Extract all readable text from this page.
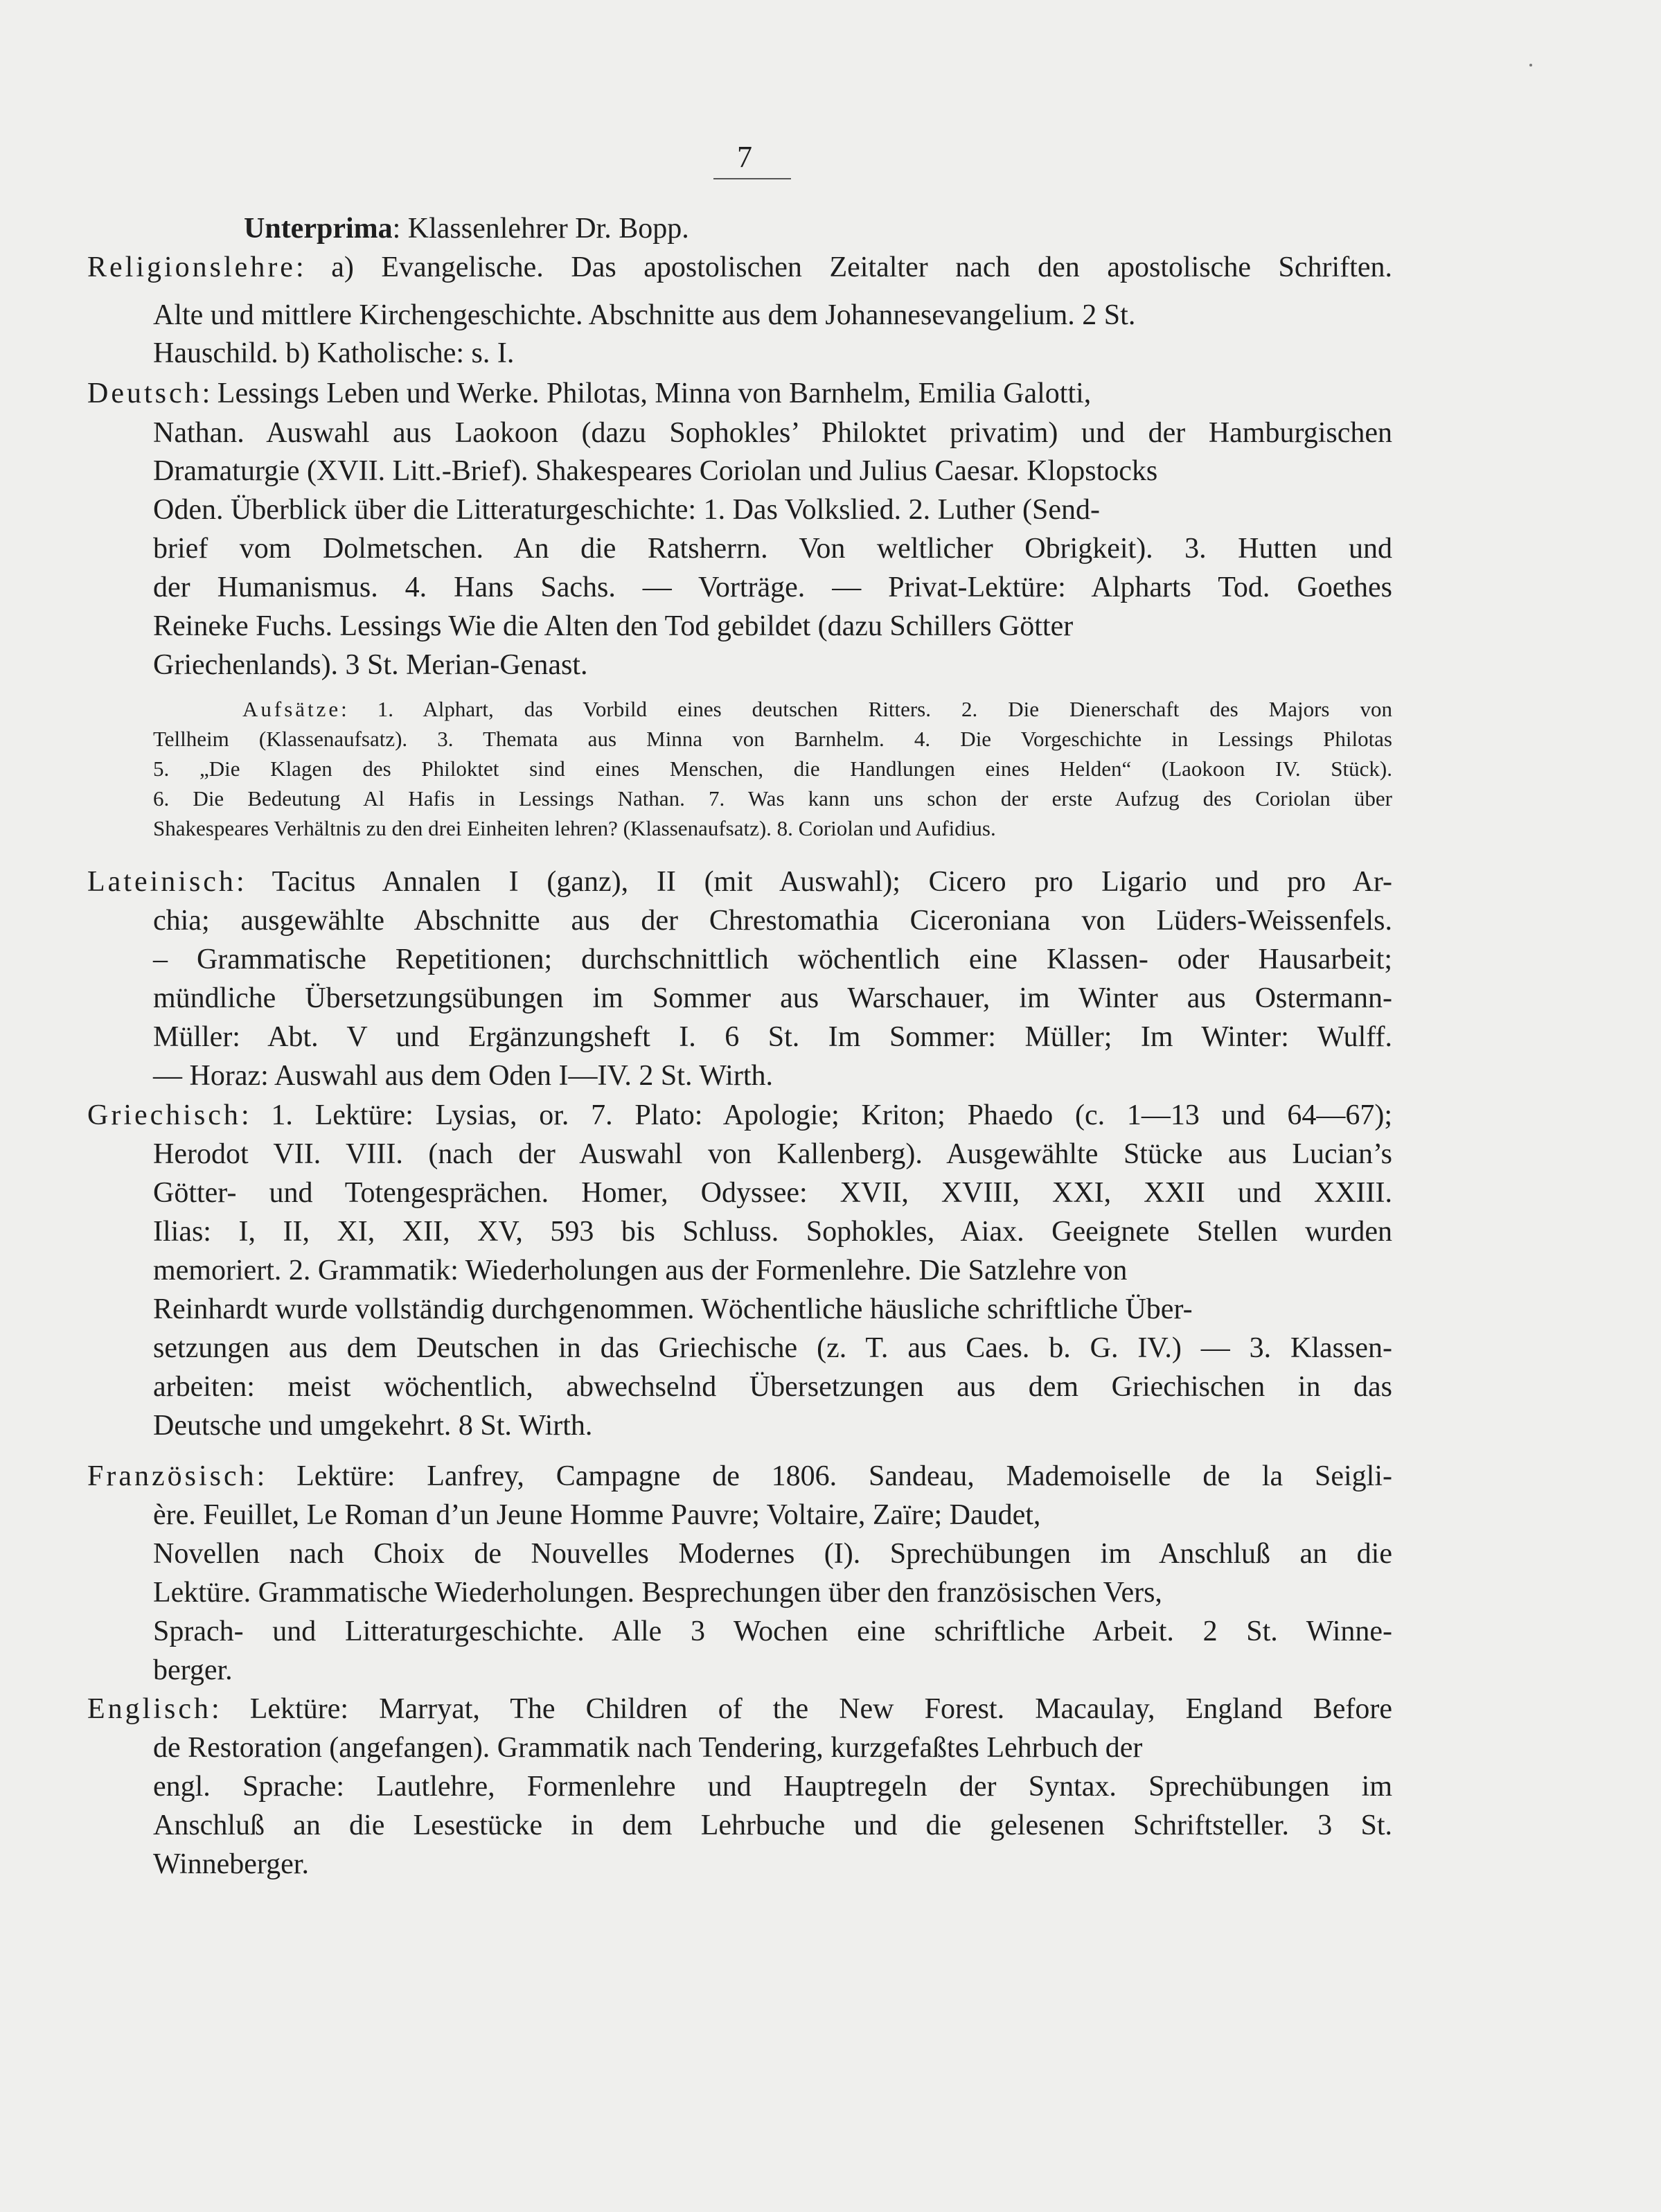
7
Unterprima: Klassenlehrer Dr. Bopp.
Religionslehre: a) Evangelische. Das apostolischen Zeitalter nach den apostolische Schriften.
Alte und mittlere Kirchengeschichte. Abschnitte aus dem Johannesevangelium. 2 St.
Hauschild. b) Katholische: s. I.
Deutsch: Lessings Leben und Werke. Philotas, Minna von Barnhelm, Emilia Galotti,
Nathan. Auswahl aus Laokoon (dazu Sophokles’ Philoktet privatim) und der Hamburgischen
Dramaturgie (XVII. Litt.-Brief). Shakespeares Coriolan und Julius Caesar. Klopstocks
Oden. Überblick über die Litteraturgeschichte: 1. Das Volkslied. 2. Luther (Send-
brief vom Dolmetschen. An die Ratsherrn. Von weltlicher Obrigkeit). 3. Hutten und
der Humanismus. 4. Hans Sachs. — Vorträge. — Privat-Lektüre: Alpharts Tod. Goethes
Reineke Fuchs. Lessings Wie die Alten den Tod gebildet (dazu Schillers Götter
Griechenlands). 3 St. Merian-Genast.
Aufsätze: 1. Alphart, das Vorbild eines deutschen Ritters. 2. Die Dienerschaft des Majors von
Tellheim (Klassenaufsatz). 3. Themata aus Minna von Barnhelm. 4. Die Vorgeschichte in Lessings Philotas
5. „Die Klagen des Philoktet sind eines Menschen, die Handlungen eines Helden“ (Laokoon IV. Stück).
6. Die Bedeutung Al Hafis in Lessings Nathan. 7. Was kann uns schon der erste Aufzug des Coriolan über
Shakespeares Verhältnis zu den drei Einheiten lehren? (Klassenaufsatz). 8. Coriolan und Aufidius.
Lateinisch: Tacitus Annalen I (ganz), II (mit Auswahl); Cicero pro Ligario und pro Ar-
chia; ausgewählte Abschnitte aus der Chrestomathia Ciceroniana von Lüders-Weissenfels.
– Grammatische Repetitionen; durchschnittlich wöchentlich eine Klassen- oder Hausarbeit;
mündliche Übersetzungsübungen im Sommer aus Warschauer, im Winter aus Ostermann-
Müller: Abt. V und Ergänzungsheft I. 6 St. Im Sommer: Müller; Im Winter: Wulff.
— Horaz: Auswahl aus dem Oden I—IV. 2 St. Wirth.
Griechisch: 1. Lektüre: Lysias, or. 7. Plato: Apologie; Kriton; Phaedo (c. 1—13 und 64—67);
Herodot VII. VIII. (nach der Auswahl von Kallenberg). Ausgewählte Stücke aus Lucian’s
Götter- und Totengesprächen. Homer, Odyssee: XVII, XVIII, XXI, XXII und XXIII.
Ilias: I, II, XI, XII, XV, 593 bis Schluss. Sophokles, Aiax. Geeignete Stellen wurden
memoriert. 2. Grammatik: Wiederholungen aus der Formenlehre. Die Satzlehre von
Reinhardt wurde vollständig durchgenommen. Wöchentliche häusliche schriftliche Über-
setzungen aus dem Deutschen in das Griechische (z. T. aus Caes. b. G. IV.) — 3. Klassen-
arbeiten: meist wöchentlich, abwechselnd Übersetzungen aus dem Griechischen in das
Deutsche und umgekehrt. 8 St. Wirth.
Französisch: Lektüre: Lanfrey, Campagne de 1806. Sandeau, Mademoiselle de la Seigli-
ère. Feuillet, Le Roman d’un Jeune Homme Pauvre; Voltaire, Zaïre; Daudet,
Novellen nach Choix de Nouvelles Modernes (I). Sprechübungen im Anschluß an die
Lektüre. Grammatische Wiederholungen. Besprechungen über den französischen Vers,
Sprach- und Litteraturgeschichte. Alle 3 Wochen eine schriftliche Arbeit. 2 St. Winne-
berger.
Englisch: Lektüre: Marryat, The Children of the New Forest. Macaulay, England Before
de Restoration (angefangen). Grammatik nach Tendering, kurzgefaßtes Lehrbuch der
engl. Sprache: Lautlehre, Formenlehre und Hauptregeln der Syntax. Sprechübungen im
Anschluß an die Lesestücke in dem Lehrbuche und die gelesenen Schriftsteller. 3 St.
Winneberger.
